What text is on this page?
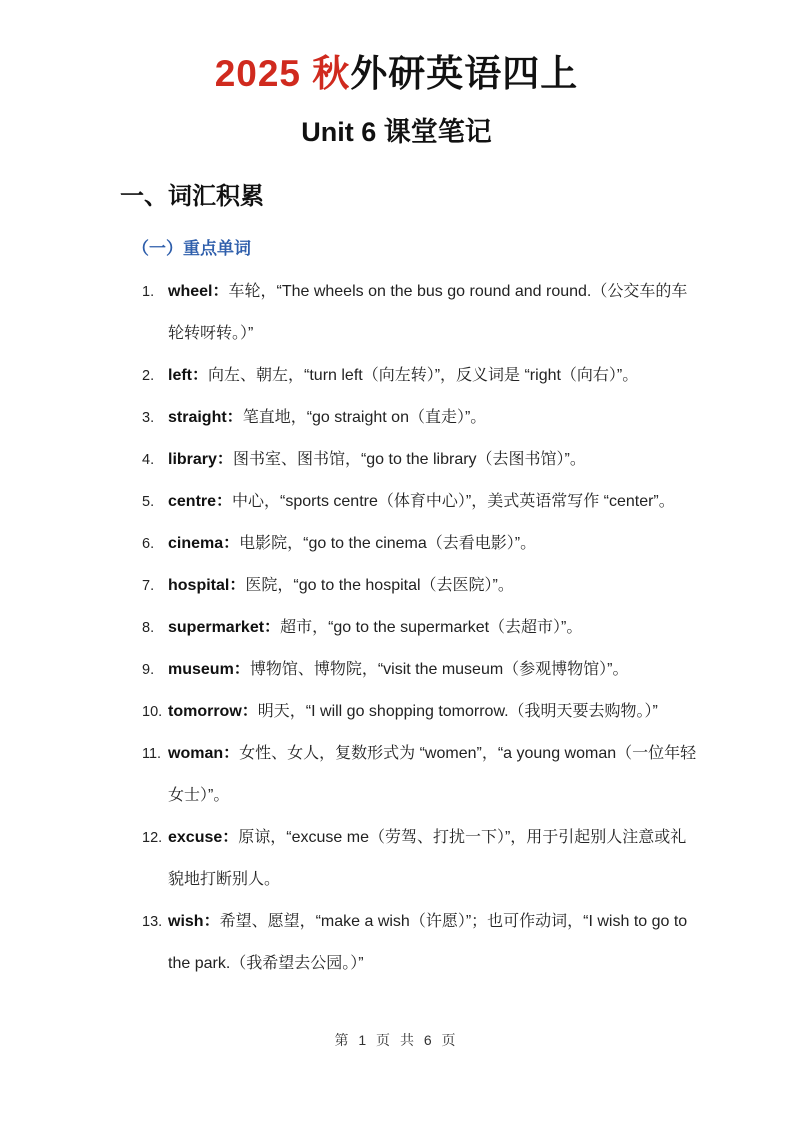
2025 秋外研英语四上
Unit 6 课堂笔记
一、词汇积累
（一）重点单词
1. wheel：车轮，“The wheels on the bus go round and round.（公交车的车轮转呀转。）”
2. left：向左、朝左，“turn left（向左转）”，反义词是 “right（向右）”。
3. straight：笔直地，“go straight on（直走）”。
4. library：图书室、图书馆，“go to the library（去图书馆）”。
5. centre：中心，“sports centre（体育中心）”，美式英语常写作 “center”。
6. cinema：电影院，“go to the cinema（去看电影）”。
7. hospital：医院，“go to the hospital（去医院）”。
8. supermarket：超市，“go to the supermarket（去超市）”。
9. museum：博物馆、博物院，“visit the museum（参观博物馆）”。
10. tomorrow：明天，“I will go shopping tomorrow.（我明天要去购物。）”
11. woman：女性、女人，复数形式为 “women”，“a young woman（一位年轻女士）”。
12. excuse：原谅，“excuse me（劳驾、打扰一下）”，用于引起别人注意或礼貌地打断别人。
13. wish：希望、愿望，“make a wish（许愿）”；也可作动词，“I wish to go to the park.（我希望去公园。）”
第 1 页 共 6 页
